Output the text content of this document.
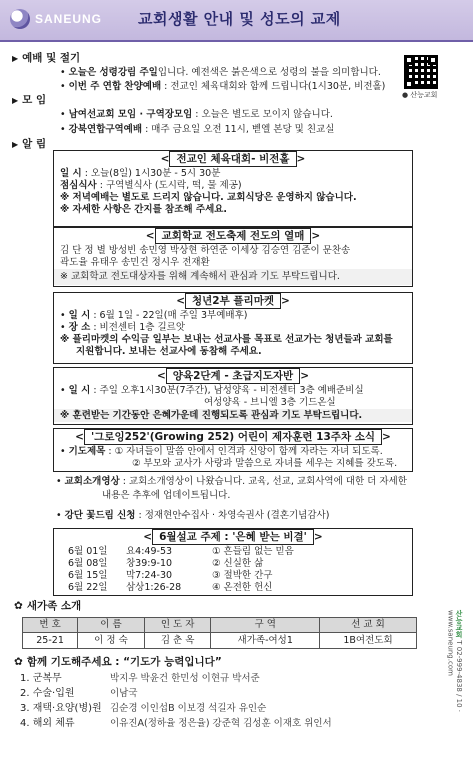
SANEUNG 교회생활 안내 및 성도의 교제
● 산능교회
▶ 예배 및 절기
• 오늘은 성령강림 주일입니다. 예전색은 붉은색으로 성령의 불을 의미합니다.
• 이번 주 연합 찬양예배 : 전교인 체육대회와 함께 드립니다(1시30분, 비전홀)
▶ 모 임
• 남여선교회 모임 · 구역장모임 : 오늘은 별도로 모이지 않습니다.
• 강북연합구역예배 : 매주 금요일 오전 11시, 벧엘 본당 및 친교실
▶ 알 림
< 전교인 체육대회- 비전홀 >
일 시 : 오늘(8일) 1시30분 - 5시 30분
점심식사 : 구역별식사 (도시락, 떡, 물 제공)
※ 저녁예배는 별도로 드리지 않습니다. 교회식당은 운영하지 않습니다.
※ 자세한 사항은 간지를 참조해 주세요.
< 교회학교 전도축제 전도의 열매 >
김 단 정 별 방성빈 송민영 박상현 하연준 이세상 김승연 김준이 문찬송
곽도율 유태우 송민건 정시우 전재환
※ 교회학교 전도대상자를 위해 계속해서 관심과 기도 부탁드립니다.
< 청년2부 플리마켓 >
• 일 시 : 6월 1일 - 22일(매 주일 3부예배후)
• 장 소 : 비전센터 1층 길르앗
※ 플리마켓의 수익금 일부는 보내는 선교사를 목표로 선교가는 청년들과 교회를
지원합니다. 보내는 선교사에 동참해 주세요.
< 양육2단계 - 초급지도자반 >
• 일 시 : 주일 오후1시30분(7주간), 남성양육 - 비전센터 3층 예배준비실
여성양육 - 브니엘 3층 기드온실
※ 훈련받는 기간동안 은혜가운데 진행되도록 관심과 기도 부탁드립니다.
< '그로잉252'(Growing 252) 어린이 제자훈련 13주차 소식 >
• 기도제목 : ① 자녀들이 말씀 안에서 인격과 신앙이 함께 자라는 자녀 되도록.
② 부모와 교사가 사랑과 말씀으로 자녀를 세우는 지혜를 갖도록.
• 교회소개영상 : 교회소개영상이 나왔습니다. 교육, 선교, 교회사역에 대한 더 자세한
내용은 추후에 업데이트됩니다.
• 강단 꽃드림 신청 : 정재현안수집사 · 차영숙권사 (결혼기념감사)
< 6월설교 주제 : '은혜 받는 비결' >
6월 01일	요4:49-53	① 흔들림 없는 믿음
6월 08일	창39:9-10	② 신실한 삶
6월 15일	막7:24-30	③ 절박한 간구
6월 22일	삼상1:26-28	④ 온전한 헌신
✿ 새가족 소개
번 호	이 름	인 도 자	구 역	선 교 회
25-21	이 정 숙	김 춘 옥	새가족-여성1	1B여전도회
✿ 함께 기도해주세요 : “기도가 능력입니다”
1. 군복무	박지우 박윤건 한민성 이현규 박서준
2. 수술·입원	이남국
3. 재택·요양(병)원 김순경 이인섭B 이보경 석길자 유인순
4. 해외 체류	이유진A(정하율 정은율) 강준혁 김성훈 이재호 위인서
산능교회 T 02-999-4838 / 10 · www.saneung.com
